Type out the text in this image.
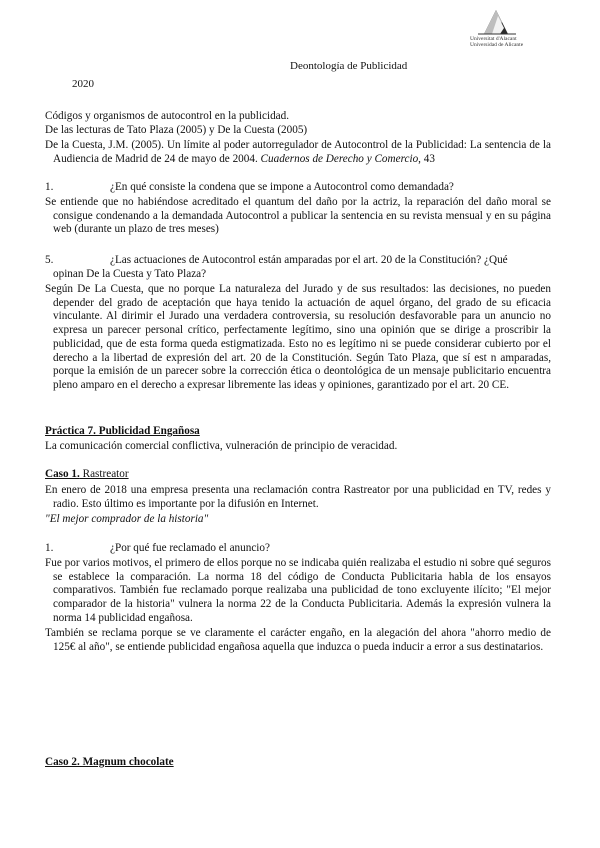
Universitat d'Alacant
Universidad de Alicante
Deontología de Publicidad
2020
Códigos y organismos de autocontrol en la publicidad.
De las lecturas de Tato Plaza (2005) y De la Cuesta (2005)
De la Cuesta, J.M. (2005). Un límite al poder autorregulador de Autocontrol de la Publicidad: La sentencia de la Audiencia de Madrid de 24 de mayo de 2004. Cuadernos de Derecho y Comercio, 43
1.	¿En qué consiste la condena que se impone a Autocontrol como demandada?
Se entiende que no habiéndose acreditado el quantum del daño por la actriz, la reparación del daño moral se consigue condenando a la demandada Autocontrol a publicar la sentencia en su revista mensual y en su página web (durante un plazo de tres meses)
5.	¿Las actuaciones de Autocontrol están amparadas por el art. 20 de la Constitución? ¿Qué
opinan De la Cuesta y Tato Plaza?
Según De La Cuesta, que no porque La naturaleza del Jurado y de sus resultados: las decisiones, no pueden depender del grado de aceptación que haya tenido la actuación de aquel órgano, del grado de su eficacia vinculante. Al dirimir el Jurado una verdadera controversia, su resolución desfavorable para un anuncio no expresa un parecer personal crítico, perfectamente legítimo, sino una opinión que se dirige a proscribir la publicidad, que de esta forma queda estigmatizada. Esto no es legítimo ni se puede considerar cubierto por el derecho a la libertad de expresión del art. 20 de la Constitución. Según Tato Plaza, que sí est n amparadas, porque la emisión de un parecer sobre la corrección ética o deontológica de un mensaje publicitario encuentra pleno amparo en el derecho a expresar libremente las ideas y opiniones, garantizado por el art. 20 CE.
Práctica 7. Publicidad Engañosa
La comunicación comercial conflictiva, vulneración de principio de veracidad.
Caso 1. Rastreator
En enero de 2018 una empresa presenta una reclamación contra Rastreator por una publicidad en TV, redes y radio. Esto último es importante por la difusión en Internet.
"El mejor comprador de la historia"
1.	¿Por qué fue reclamado el anuncio?
Fue por varios motivos, el primero de ellos porque no se indicaba quién realizaba el estudio ni sobre qué seguros se establece la comparación. La norma 18 del código de Conducta Publicitaria habla de los ensayos comparativos. También fue reclamado porque realizaba una publicidad de tono excluyente ilícito; "El mejor comparador de la historia" vulnera la norma 22 de la Conducta Publicitaria. Además la expresión vulnera la norma 14 publicidad engañosa.
También se reclama porque se ve claramente el carácter engaño, en la alegación del ahora "ahorro medio de 125€ al año", se entiende publicidad engañosa aquella que induzca o pueda inducir a error a sus destinatarios.
Caso 2. Magnum chocolate
